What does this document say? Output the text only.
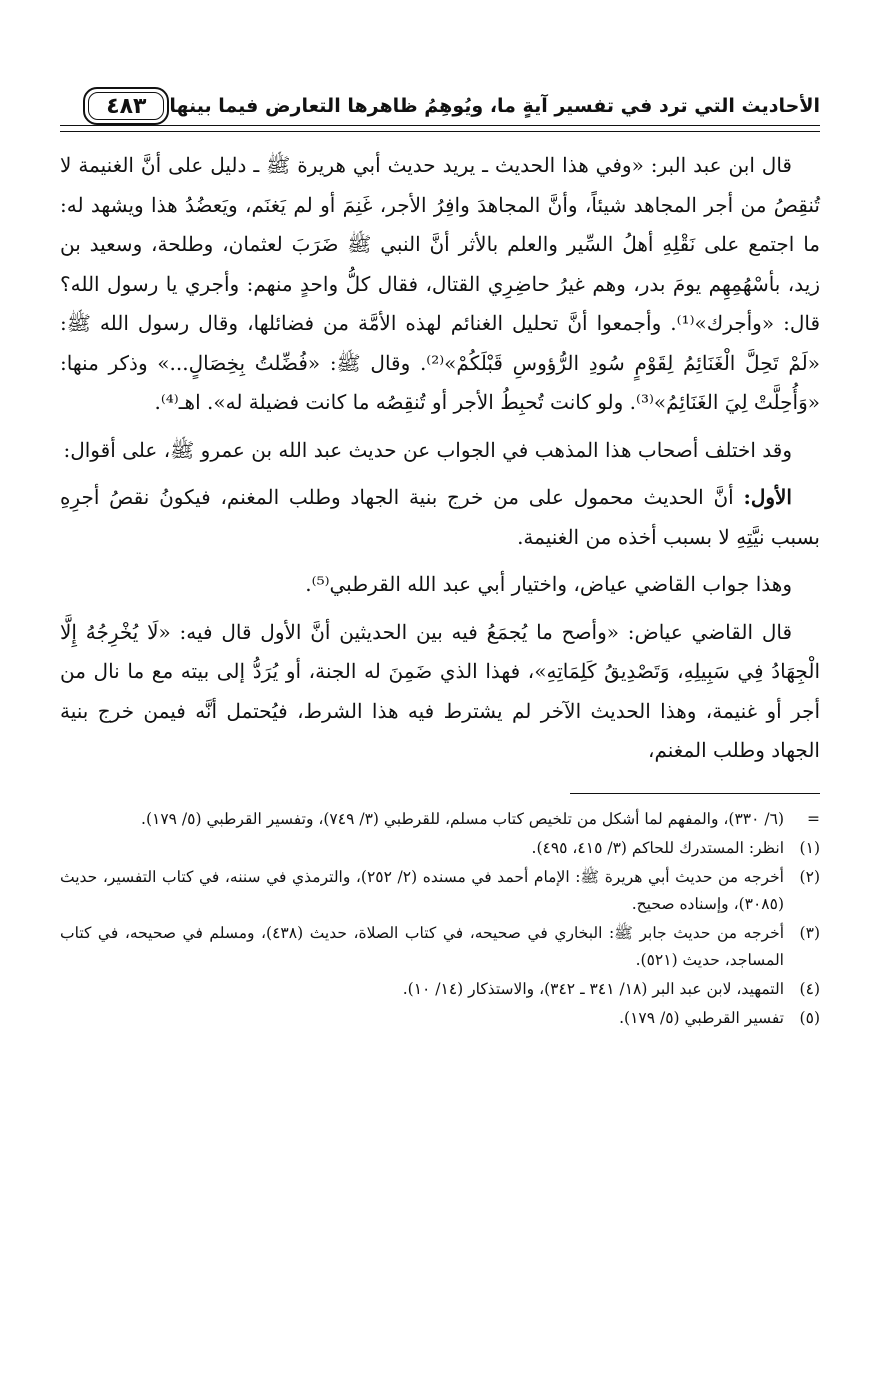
الأحاديث التي ترد في تفسير آيةٍ ما، ويُوهِمُ ظاهرها التعارض فيما بينها
٤٨٣

قال ابن عبد البر: «وفي هذا الحديث ـ يريد حديث أبي هريرة ﷺ ـ دليل على أنَّ الغنيمة لا تُنقِصُ من أجر المجاهد شيئاً، وأنَّ المجاهدَ وافِرُ الأجر، غَنِمَ أو لم يَغنَم، ويَعضُدُ هذا ويشهد له: ما اجتمع على نَقْلِهِ أهلُ السِّير والعلم بالأثر أنَّ النبي ﷺ ضَرَبَ لعثمان، وطلحة، وسعيد بن زيد، بأسْهُمِهِم يومَ بدر، وهم غيرُ حاضِرِي القتال، فقال كلُّ واحدٍ منهم: وأجري يا رسول الله؟ قال: «وأجرك»⁽¹⁾. وأجمعوا أنَّ تحليل الغنائم لهذه الأمَّة من فضائلها، وقال رسول الله ﷺ: «لَمْ تَحِلَّ الْغَنَائِمُ لِقَوْمٍ سُودِ الرُّؤوسِ قَبْلَكُمْ»⁽²⁾. وقال ﷺ: «فُضِّلتُ بِخِصَالٍ...» وذكر منها: «وَأُحِلَّتْ لِيَ الغَنَائِمُ»⁽³⁾. ولو كانت تُحبِطُ الأجر أو تُنقِصُه ما كانت فضيلة له». اهـ⁽⁴⁾.

وقد اختلف أصحاب هذا المذهب في الجواب عن حديث عبد الله بن عمرو ﷺ، على أقوال:

الأول: أنَّ الحديث محمول على من خرج بنية الجهاد وطلب المغنم، فيكونُ نقصُ أجرِهِ بسبب نيَّتِهِ لا بسبب أخذه من الغنيمة.

وهذا جواب القاضي عياض، واختيار أبي عبد الله القرطبي⁽⁵⁾.

قال القاضي عياض: «وأصح ما يُجمَعُ فيه بين الحديثين أنَّ الأول قال فيه: «لَا يُخْرِجُهُ إِلَّا الْجِهَادُ فِي سَبِيلِهِ، وَتَصْدِيقُ كَلِمَاتِهِ»، فهذا الذي ضَمِنَ له الجنة، أو يُرَدُّ إلى بيته مع ما نال من أجر أو غنيمة، وهذا الحديث الآخر لم يشترط فيه هذا الشرط، فيُحتمل أنَّه فيمن خرج بنية الجهاد وطلب المغنم،

=
(٦/ ٣٣٠)، والمفهم لما أشكل من تلخيص كتاب مسلم، للقرطبي (٣/ ٧٤٩)، وتفسير القرطبي (٥/ ١٧٩).
(١)
انظر: المستدرك للحاكم (٣/ ٤١٥، ٤٩٥).
(٢)
أخرجه من حديث أبي هريرة ﷺ: الإمام أحمد في مسنده (٢/ ٢٥٢)، والترمذي في سننه، في كتاب التفسير، حديث (٣٠٨٥)، وإسناده صحيح.
(٣)
أخرجه من حديث جابر ﷺ: البخاري في صحيحه، في كتاب الصلاة، حديث (٤٣٨)، ومسلم في صحيحه، في كتاب المساجد، حديث (٥٢١).
(٤)
التمهيد، لابن عبد البر (١٨/ ٣٤١ ـ ٣٤٢)، والاستذكار (١٤/ ١٠).
(٥)
تفسير القرطبي (٥/ ١٧٩).
